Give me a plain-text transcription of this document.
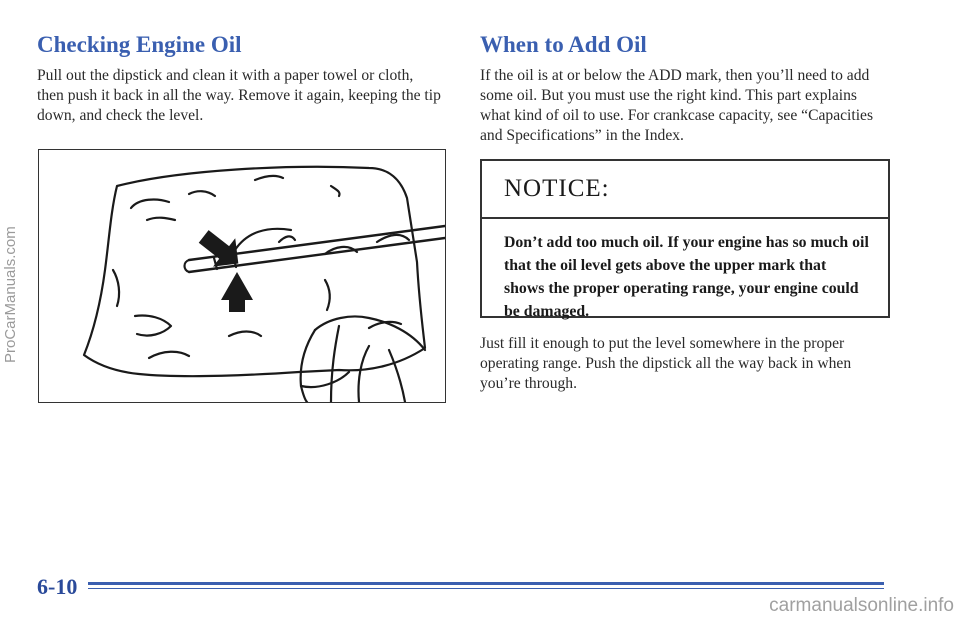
Checking Engine Oil

Pull out the dipstick and clean it with a paper towel or cloth, then push it back in all the way. Remove it again, keeping the tip down, and check the level.

When to Add Oil

If the oil is at or below the ADD mark, then you’ll need to add some oil. But you must use the right kind. This part explains what kind of oil to use. For crankcase capacity, see “Capacities and Specifications” in the Index.

NOTICE:
Don’t add too much oil. If your engine has so much oil that the oil level gets above the upper mark that shows the proper operating range, your engine could be damaged.

Just fill it enough to put the level somewhere in the proper operating range. Push the dipstick all the way back in when you’re through.

6-10
ProCarManuals.com
carmanualsonline.info
